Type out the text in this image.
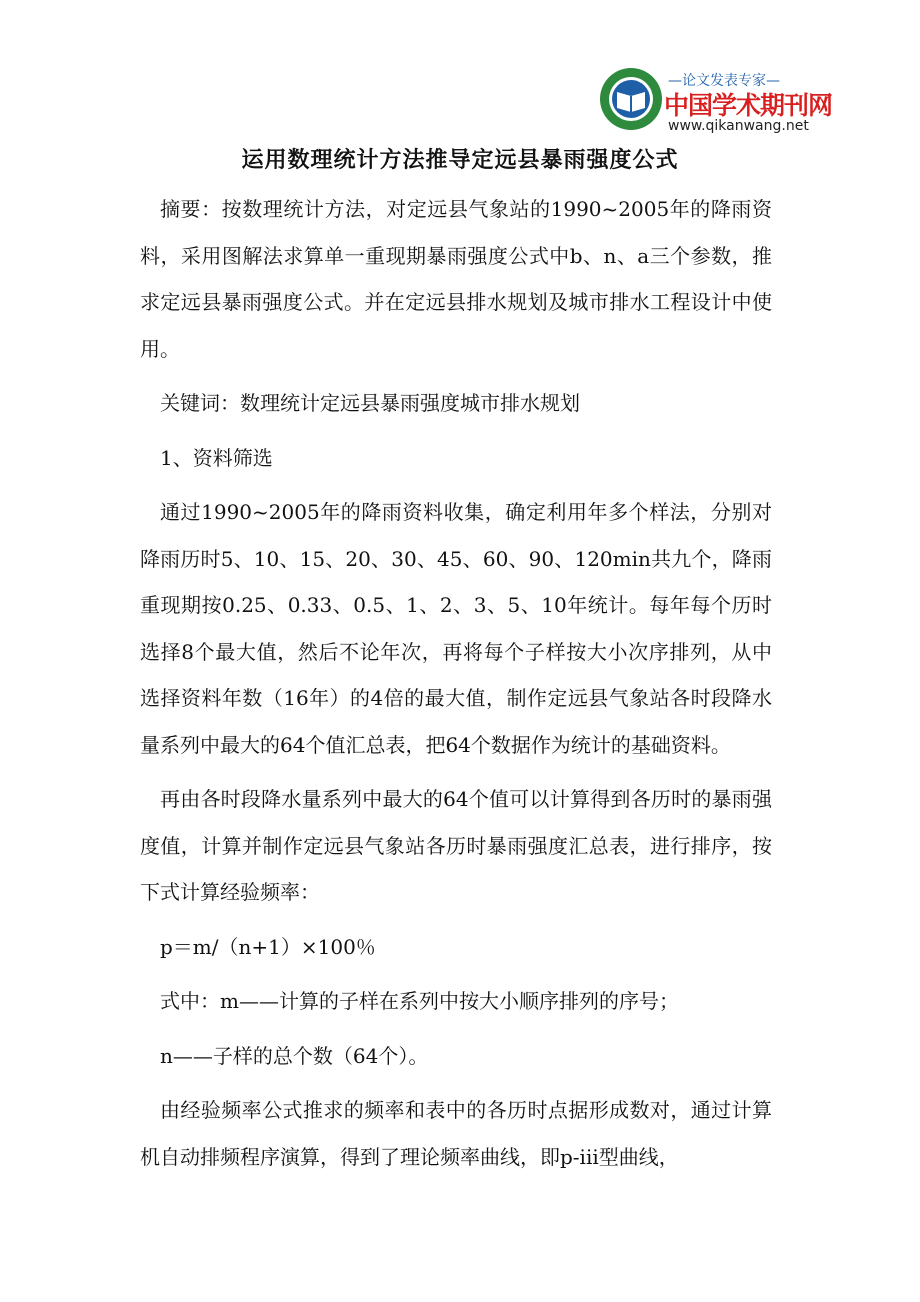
—论文发表专家—
中国学术期刊网
www.qikanwang.net
运用数理统计方法推导定远县暴雨强度公式

摘要：按数理统计方法，对定远县气象站的1990~2005年的降雨资料，采用图解法求算单一重现期暴雨强度公式中b、n、a三个参数，推求定远县暴雨强度公式。并在定远县排水规划及城市排水工程设计中使用。

关键词：数理统计定远县暴雨强度城市排水规划

1、资料筛选

通过1990~2005年的降雨资料收集，确定利用年多个样法，分别对降雨历时5、10、15、20、30、45、60、90、120min共九个，降雨重现期按0.25、0.33、0.5、1、2、3、5、10年统计。每年每个历时选择8个最大值，然后不论年次，再将每个子样按大小次序排列，从中选择资料年数（16年）的4倍的最大值，制作定远县气象站各时段降水量系列中最大的64个值汇总表，把64个数据作为统计的基础资料。

再由各时段降水量系列中最大的64个值可以计算得到各历时的暴雨强度值，计算并制作定远县气象站各历时暴雨强度汇总表，进行排序，按下式计算经验频率：

p＝m/（n+1）×100％

式中：m——计算的子样在系列中按大小顺序排列的序号；

n——子样的总个数（64个）。

由经验频率公式推求的频率和表中的各历时点据形成数对，通过计算机自动排频程序演算，得到了理论频率曲线，即p-iii型曲线，
